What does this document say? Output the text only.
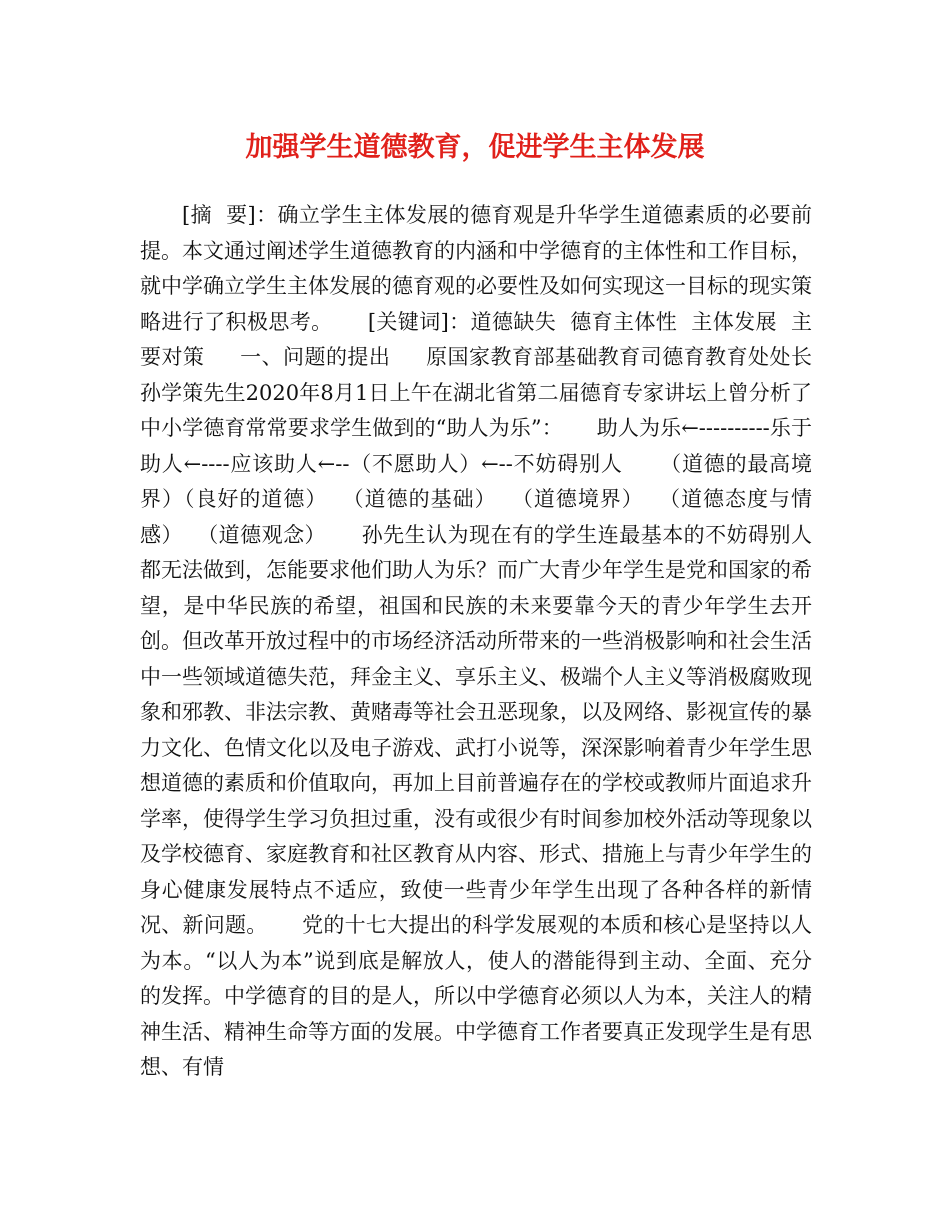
加强学生道德教育，促进学生主体发展

[摘  要]：确立学生主体发展的德育观是升华学生道德素质的必要前提。本文通过阐述学生道德教育的内涵和中学德育的主体性和工作目标，就中学确立学生主体发展的德育观的必要性及如何实现这一目标的现实策略进行了积极思考。     [关键词]：道德缺失  德育主体性  主体发展  主要对策     一、问题的提出     原国家教育部基础教育司德育教育处处长孙学策先生2020年8月1日上午在湖北省第二届德育专家讲坛上曾分析了中小学德育常常要求学生做到的“助人为乐”：     助人为乐←----------乐于助人←----应该助人←--（不愿助人）←--不妨碍别人     （道德的最高境界）（良好的道德）  （道德的基础）  （道德境界）  （道德态度与情感）  （道德观念）     孙先生认为现在有的学生连最基本的不妨碍别人都无法做到，怎能要求他们助人为乐？而广大青少年学生是党和国家的希望，是中华民族的希望，祖国和民族的未来要靠今天的青少年学生去开创。但改革开放过程中的市场经济活动所带来的一些消极影响和社会生活中一些领域道德失范，拜金主义、享乐主义、极端个人主义等消极腐败现象和邪教、非法宗教、黄赌毒等社会丑恶现象，以及网络、影视宣传的暴力文化、色情文化以及电子游戏、武打小说等，深深影响着青少年学生思想道德的素质和价值取向，再加上目前普遍存在的学校或教师片面追求升学率，使得学生学习负担过重，没有或很少有时间参加校外活动等现象以及学校德育、家庭教育和社区教育从内容、形式、措施上与青少年学生的身心健康发展特点不适应，致使一些青少年学生出现了各种各样的新情况、新问题。     党的十七大提出的科学发展观的本质和核心是坚持以人为本。“以人为本”说到底是解放人，使人的潜能得到主动、全面、充分的发挥。中学德育的目的是人，所以中学德育必须以人为本，关注人的精神生活、精神生命等方面的发展。中学德育工作者要真正发现学生是有思想、有情
